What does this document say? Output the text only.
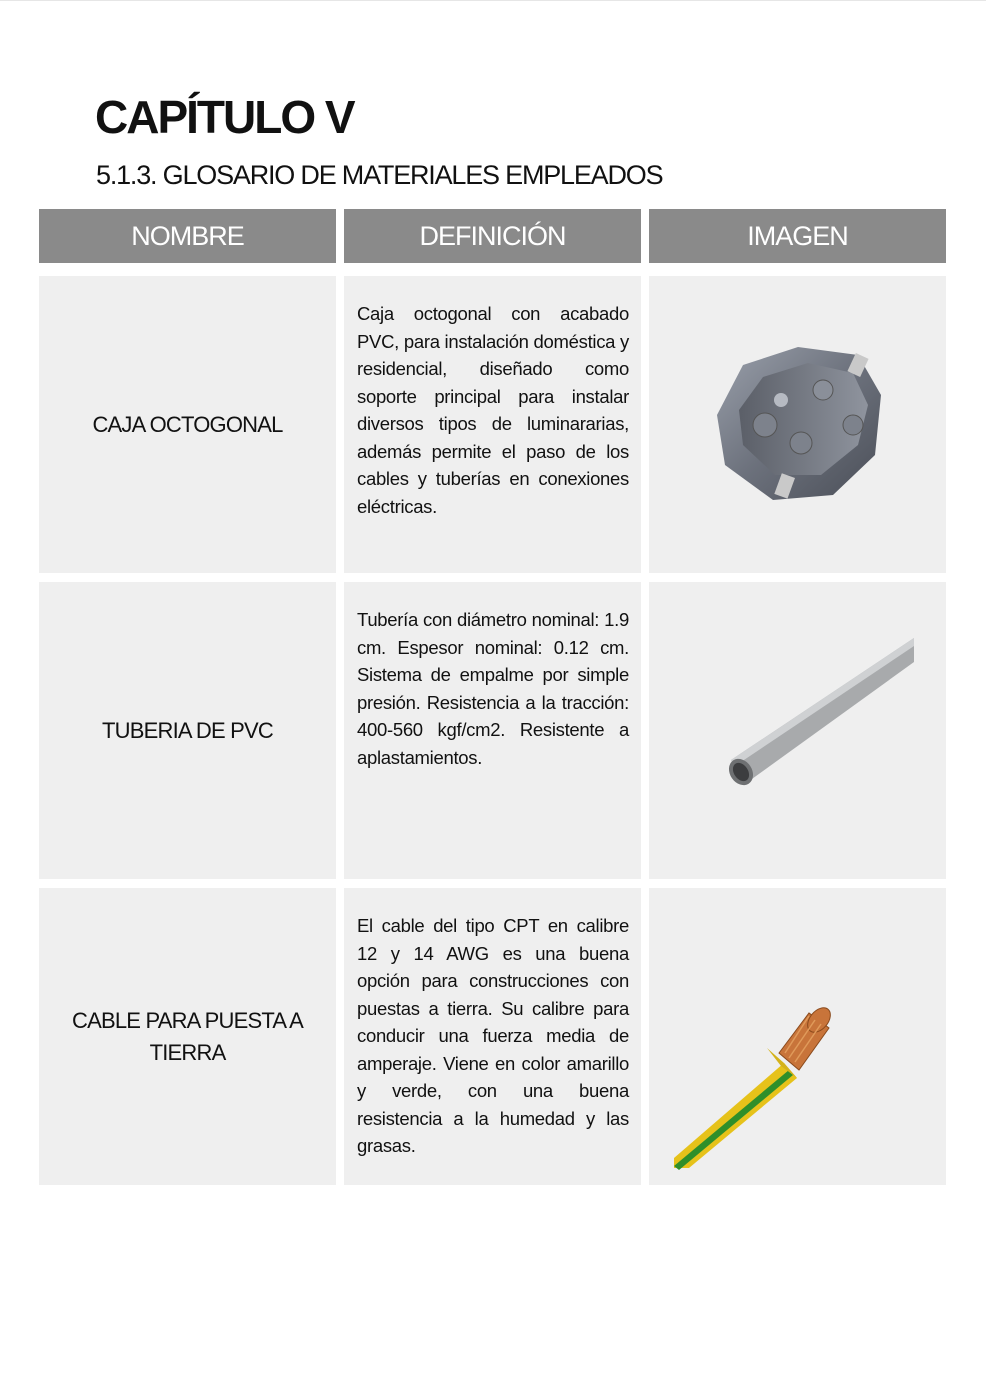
CAPÍTULO V
5.1.3. GLOSARIO DE MATERIALES EMPLEADOS
NOMBRE	DEFINICIÓN	IMAGEN
CAJA OCTOGONAL
Caja octogonal con acabado PVC, para instalación doméstica y residencial, diseñado como soporte principal para instalar diversos tipos de luminararias, además permite el paso de los cables y tuberías en conexiones eléctricas.
TUBERIA DE PVC
Tubería con diámetro nominal: 1.9 cm. Espesor nominal: 0.12 cm. Sistema de empalme por simple presión. Resistencia a la tracción: 400-560 kgf/cm2. Resistente a aplastamientos.
CABLE PARA PUESTA A TIERRA
El cable del tipo CPT en calibre 12 y 14 AWG es una buena opción para construcciones con puestas a tierra. Su calibre para conducir una fuerza media de amperaje. Viene en color amarillo y verde, con una buena resistencia a la humedad y las grasas.
